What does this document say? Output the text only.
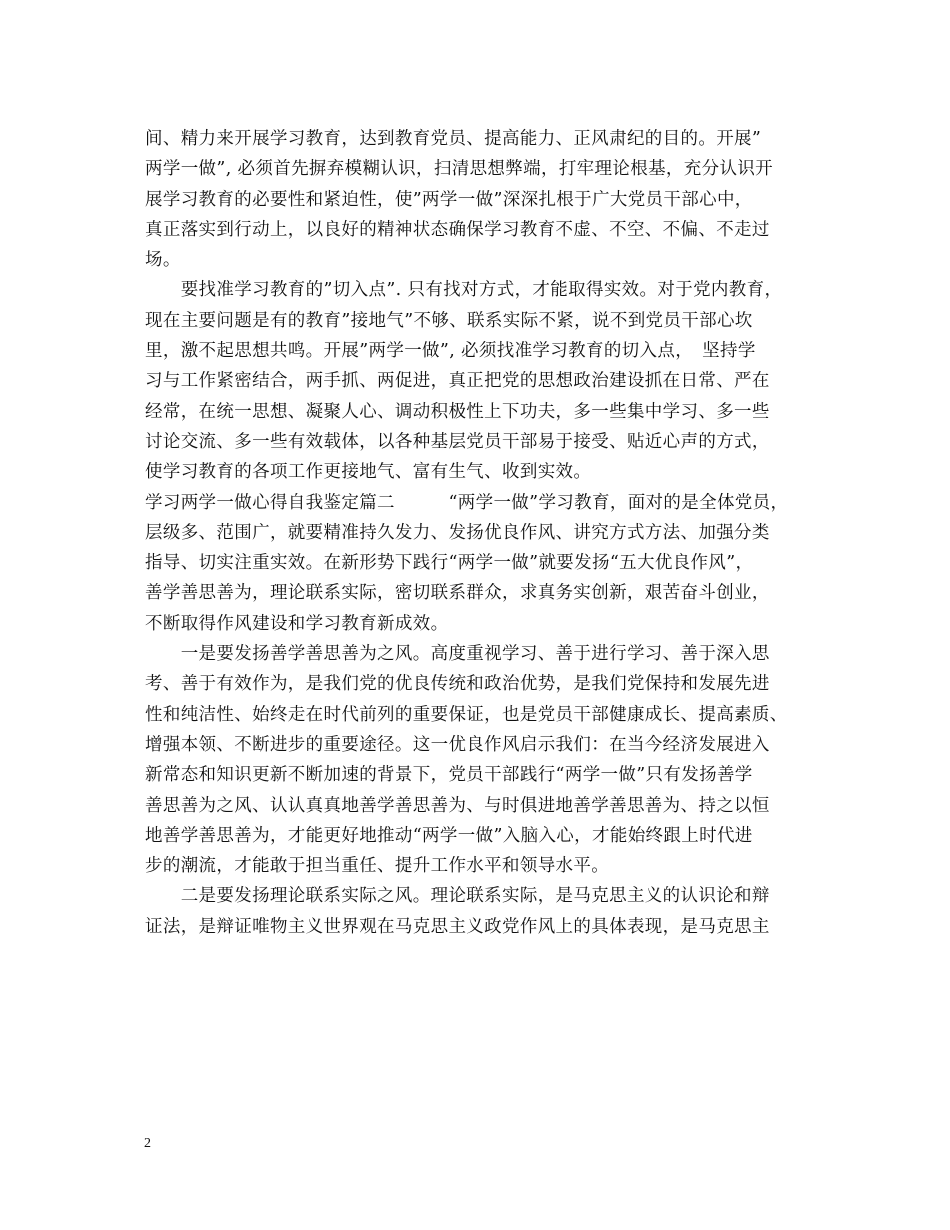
间、精力来开展学习教育，达到教育党员、提高能力、正风肃纪的目的。开展”
两学一做”, 必须首先摒弃模糊认识，扫清思想弊端，打牢理论根基，充分认识开
展学习教育的必要性和紧迫性，使”两学一做”深深扎根于广大党员干部心中，
真正落实到行动上，以良好的精神状态确保学习教育不虚、不空、不偏、不走过
场。
　　要找准学习教育的”切入点”. 只有找对方式，才能取得实效。对于党内教育，
现在主要问题是有的教育”接地气”不够、联系实际不紧，说不到党员干部心坎
里，激不起思想共鸣。开展”两学一做”, 必须找准学习教育的切入点，　坚持学
习与工作紧密结合，两手抓、两促进，真正把党的思想政治建设抓在日常、严在
经常，在统一思想、凝聚人心、调动积极性上下功夫，多一些集中学习、多一些
讨论交流、多一些有效载体，以各种基层党员干部易于接受、贴近心声的方式，
使学习教育的各项工作更接地气、富有生气、收到实效。
学习两学一做心得自我鉴定篇二　　　“两学一做”学习教育，面对的是全体党员，
层级多、范围广，就要精准持久发力、发扬优良作风、讲究方式方法、加强分类
指导、切实注重实效。在新形势下践行“两学一做”就要发扬“五大优良作风”，
善学善思善为，理论联系实际，密切联系群众，求真务实创新，艰苦奋斗创业，
不断取得作风建设和学习教育新成效。
　　一是要发扬善学善思善为之风。高度重视学习、善于进行学习、善于深入思
考、善于有效作为，是我们党的优良传统和政治优势，是我们党保持和发展先进
性和纯洁性、始终走在时代前列的重要保证，也是党员干部健康成长、提高素质、
增强本领、不断进步的重要途径。这一优良作风启示我们：在当今经济发展进入
新常态和知识更新不断加速的背景下，党员干部践行“两学一做”只有发扬善学
善思善为之风、认认真真地善学善思善为、与时俱进地善学善思善为、持之以恒
地善学善思善为，才能更好地推动“两学一做”入脑入心，才能始终跟上时代进
步的潮流，才能敢于担当重任、提升工作水平和领导水平。
　　二是要发扬理论联系实际之风。理论联系实际，是马克思主义的认识论和辩
证法，是辩证唯物主义世界观在马克思主义政党作风上的具体表现，是马克思主
2
